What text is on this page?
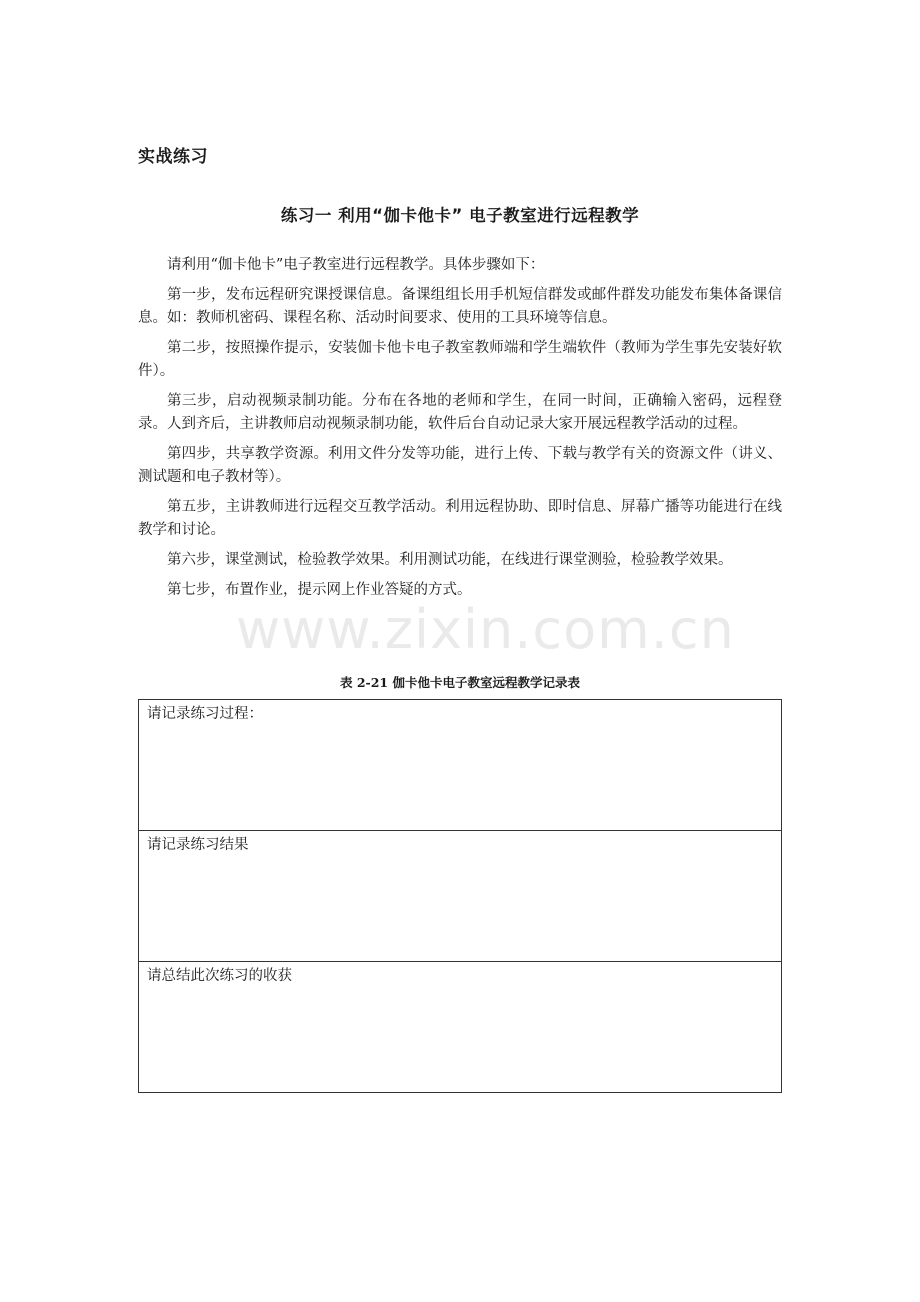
实战练习
练习一 利用“伽卡他卡” 电子教室进行远程教学

请利用“伽卡他卡”电子教室进行远程教学。具体步骤如下：

第一步，发布远程研究课授课信息。备课组组长用手机短信群发或邮件群发功能发布集体备课信息。如：教师机密码、课程名称、活动时间要求、使用的工具环境等信息。

第二步，按照操作提示，安装伽卡他卡电子教室教师端和学生端软件（教师为学生事先安装好软件）。

第三步，启动视频录制功能。分布在各地的老师和学生，在同一时间，正确输入密码，远程登录。人到齐后，主讲教师启动视频录制功能，软件后台自动记录大家开展远程教学活动的过程。

第四步，共享教学资源。利用文件分发等功能，进行上传、下载与教学有关的资源文件（讲义、测试题和电子教材等）。

第五步，主讲教师进行远程交互教学活动。利用远程协助、即时信息、屏幕广播等功能进行在线教学和讨论。

第六步，课堂测试，检验教学效果。利用测试功能，在线进行课堂测验，检验教学效果。

第七步，布置作业，提示网上作业答疑的方式。

www.zixin.com.cn
表 2-21 伽卡他卡电子教室远程教学记录表
请记录练习过程：
请记录练习结果
请总结此次练习的收获
